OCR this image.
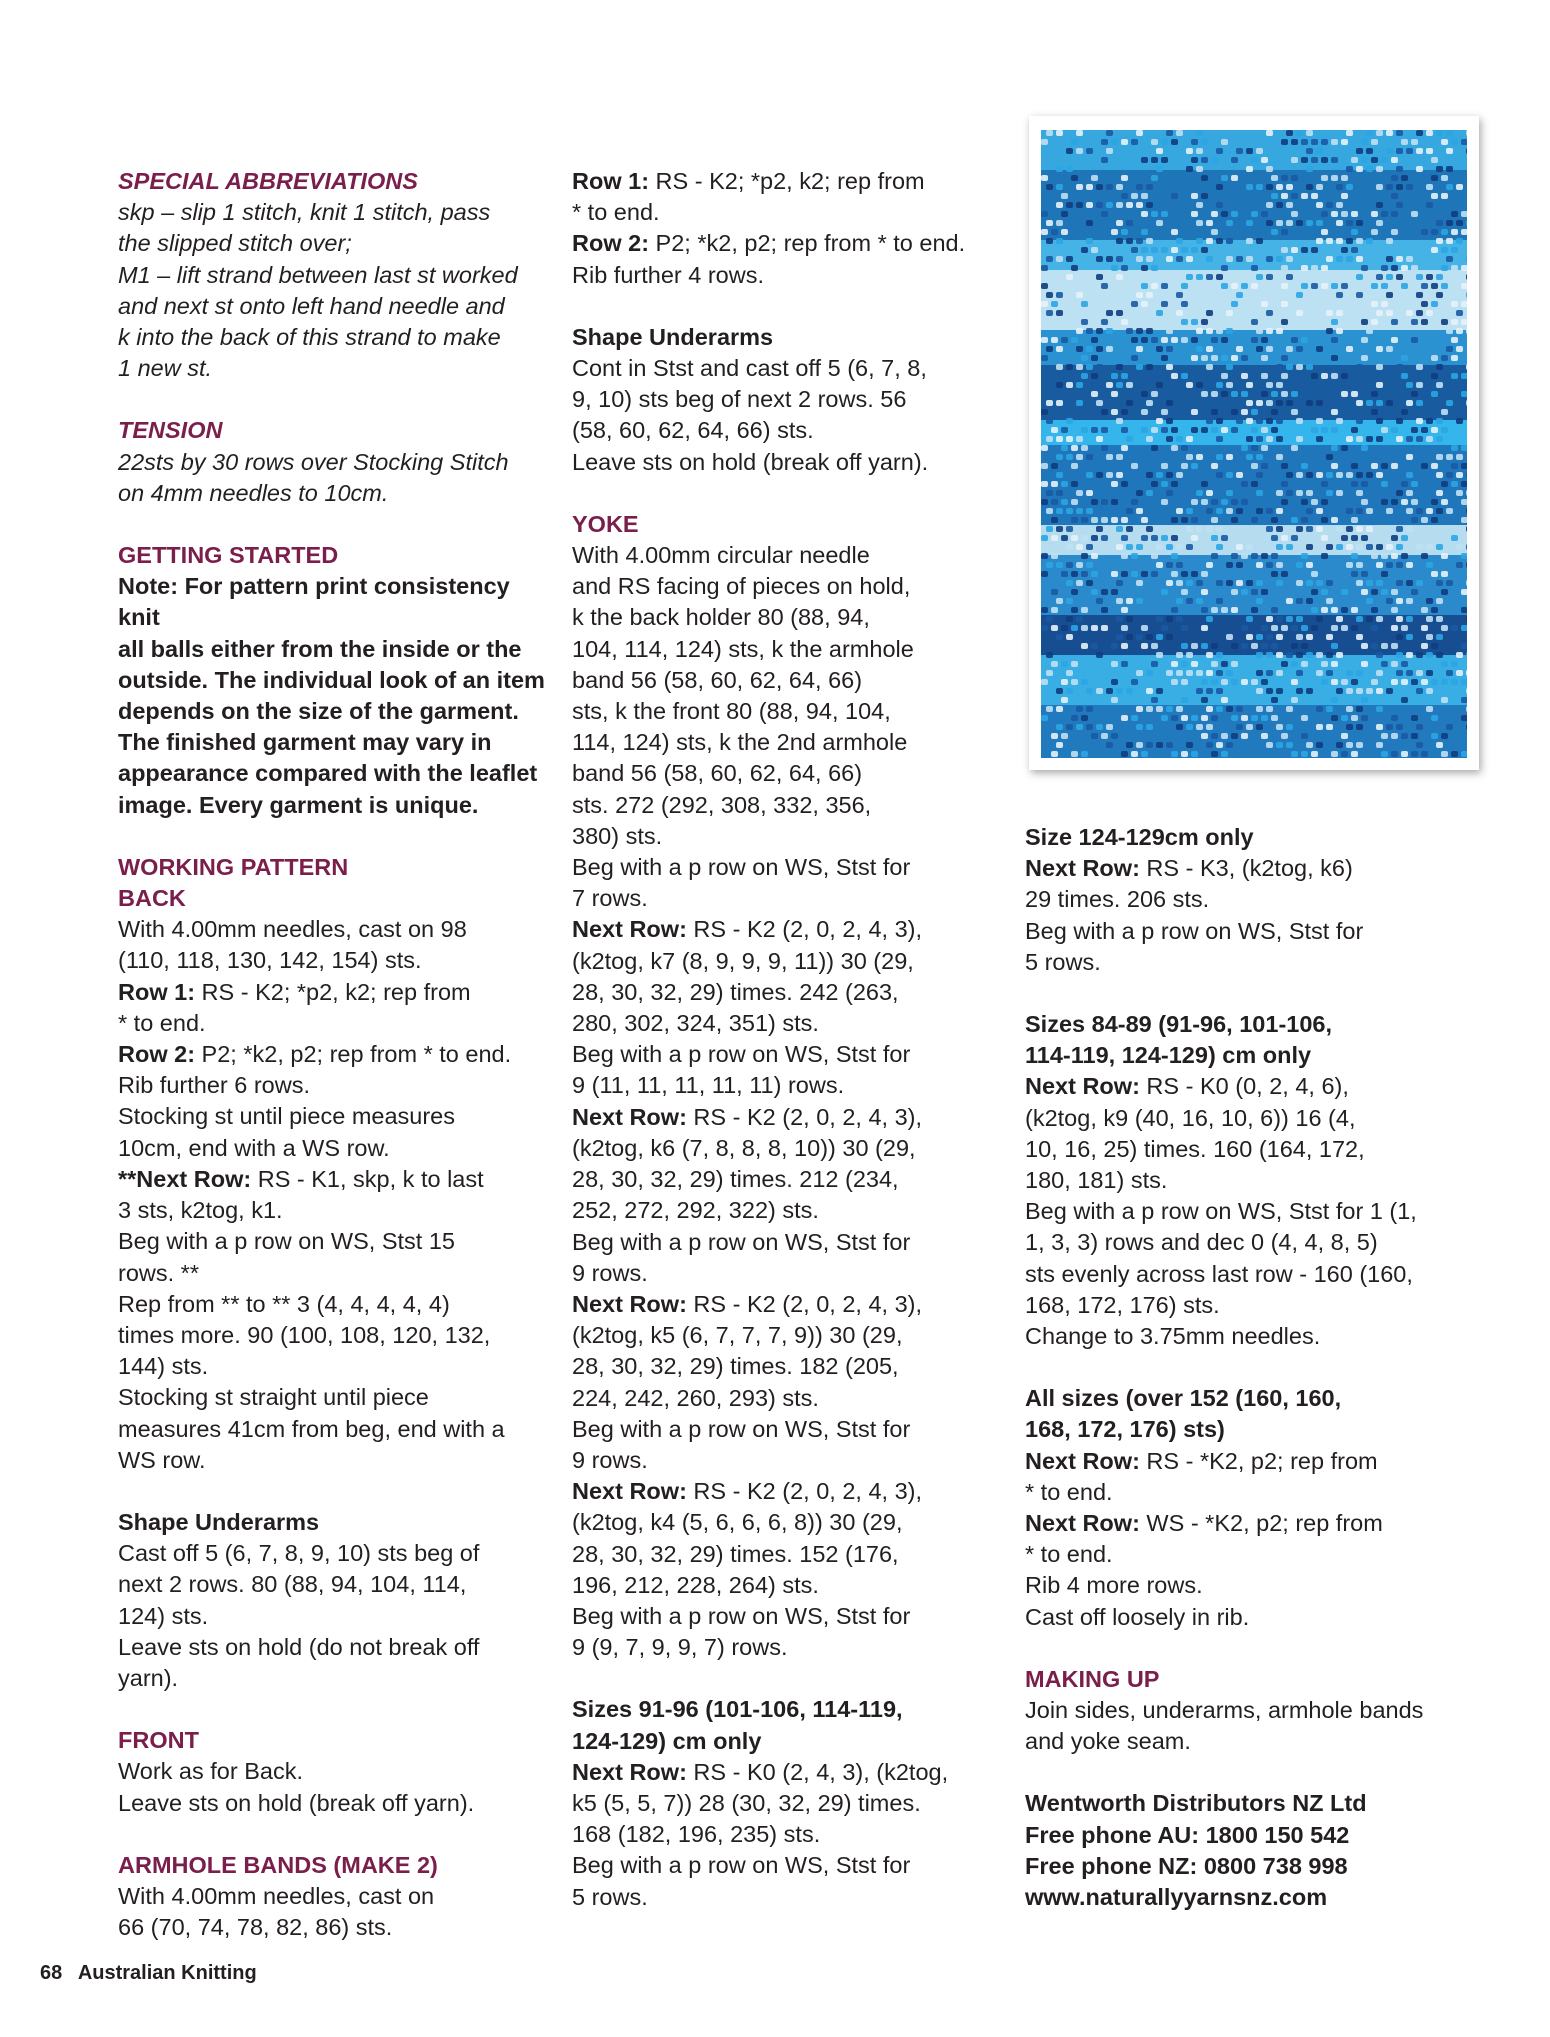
SPECIAL ABBREVIATIONS

skp – slip 1 stitch, knit 1 stitch, pass

the slipped stitch over;

M1 – lift strand between last st worked

and next st onto left hand needle and

k into the back of this strand to make

1 new st.

TENSION

22sts by 30 rows over Stocking Stitch

on 4mm needles to 10cm.

GETTING STARTED

Note: For pattern print consistency knit

all balls either from the inside or the

outside. The individual look of an item

depends on the size of the garment.

The finished garment may vary in

appearance compared with the leaflet

image. Every garment is unique.

WORKING PATTERN
BACK

With 4.00mm needles, cast on 98

(110, 118, 130, 142, 154) sts.

Row 1: RS - K2; *p2, k2; rep from

* to end.

Row 2: P2; *k2, p2; rep from * to end.

Rib further 6 rows.

Stocking st until piece measures

10cm, end with a WS row.

**Next Row: RS - K1, skp, k to last

3 sts, k2tog, k1.

Beg with a p row on WS, Stst 15

rows. **

Rep from ** to ** 3 (4, 4, 4, 4, 4)

times more. 90 (100, 108, 120, 132,

144) sts.

Stocking st straight until piece

measures 41cm from beg, end with a

WS row.

Shape Underarms

Cast off 5 (6, 7, 8, 9, 10) sts beg of

next 2 rows. 80 (88, 94, 104, 114,

124) sts.

Leave sts on hold (do not break off

yarn).

FRONT

Work as for Back.

Leave sts on hold (break off yarn).

ARMHOLE BANDS (MAKE 2)

With 4.00mm needles, cast on

66 (70, 74, 78, 82, 86) sts.

Row 1: RS - K2; *p2, k2; rep from

* to end.

Row 2: P2; *k2, p2; rep from * to end.

Rib further 4 rows.

Shape Underarms

Cont in Stst and cast off 5 (6, 7, 8,

9, 10) sts beg of next 2 rows. 56

(58, 60, 62, 64, 66) sts.

Leave sts on hold (break off yarn).

YOKE

With 4.00mm circular needle

and RS facing of pieces on hold,

k the back holder 80 (88, 94,

104, 114, 124) sts, k the armhole

band 56 (58, 60, 62, 64, 66)

sts, k the front 80 (88, 94, 104,

114, 124) sts, k the 2nd armhole

band 56 (58, 60, 62, 64, 66)

sts. 272 (292, 308, 332, 356,

380) sts.

Beg with a p row on WS, Stst for

7 rows.

Next Row: RS - K2 (2, 0, 2, 4, 3),

(k2tog, k7 (8, 9, 9, 9, 11)) 30 (29,

28, 30, 32, 29) times. 242 (263,

280, 302, 324, 351) sts.

Beg with a p row on WS, Stst for

9 (11, 11, 11, 11, 11) rows.

Next Row: RS - K2 (2, 0, 2, 4, 3),

(k2tog, k6 (7, 8, 8, 8, 10)) 30 (29,

28, 30, 32, 29) times. 212 (234,

252, 272, 292, 322) sts.

Beg with a p row on WS, Stst for

9 rows.

Next Row: RS - K2 (2, 0, 2, 4, 3),

(k2tog, k5 (6, 7, 7, 7, 9)) 30 (29,

28, 30, 32, 29) times. 182 (205,

224, 242, 260, 293) sts.

Beg with a p row on WS, Stst for

9 rows.

Next Row: RS - K2 (2, 0, 2, 4, 3),

(k2tog, k4 (5, 6, 6, 6, 8)) 30 (29,

28, 30, 32, 29) times. 152 (176,

196, 212, 228, 264) sts.

Beg with a p row on WS, Stst for

9 (9, 7, 9, 9, 7) rows.

Sizes 91-96 (101-106, 114-119,

124-129) cm only

Next Row: RS - K0 (2, 4, 3), (k2tog,

k5 (5, 5, 7)) 28 (30, 32, 29) times.

168 (182, 196, 235) sts.

Beg with a p row on WS, Stst for

5 rows.

Size 124-129cm only

Next Row: RS - K3, (k2tog, k6)

29 times. 206 sts.

Beg with a p row on WS, Stst for

5 rows.

Sizes 84-89 (91-96, 101-106,

114-119, 124-129) cm only

Next Row: RS - K0 (0, 2, 4, 6),

(k2tog, k9 (40, 16, 10, 6)) 16 (4,

10, 16, 25) times. 160 (164, 172,

180, 181) sts.

Beg with a p row on WS, Stst for 1 (1,

1, 3, 3) rows and dec 0 (4, 4, 8, 5)

sts evenly across last row - 160 (160,

168, 172, 176) sts.

Change to 3.75mm needles.

All sizes (over 152 (160, 160,

168, 172, 176) sts)

Next Row: RS - *K2, p2; rep from

* to end.

Next Row: WS - *K2, p2; rep from

* to end.

Rib 4 more rows.

Cast off loosely in rib.

MAKING UP

Join sides, underarms, armhole bands

and yoke seam.

Wentworth Distributors NZ Ltd

Free phone AU: 1800 150 542

Free phone NZ: 0800 738 998

www.naturallyyarnsnz.com

68 Australian Knitting
